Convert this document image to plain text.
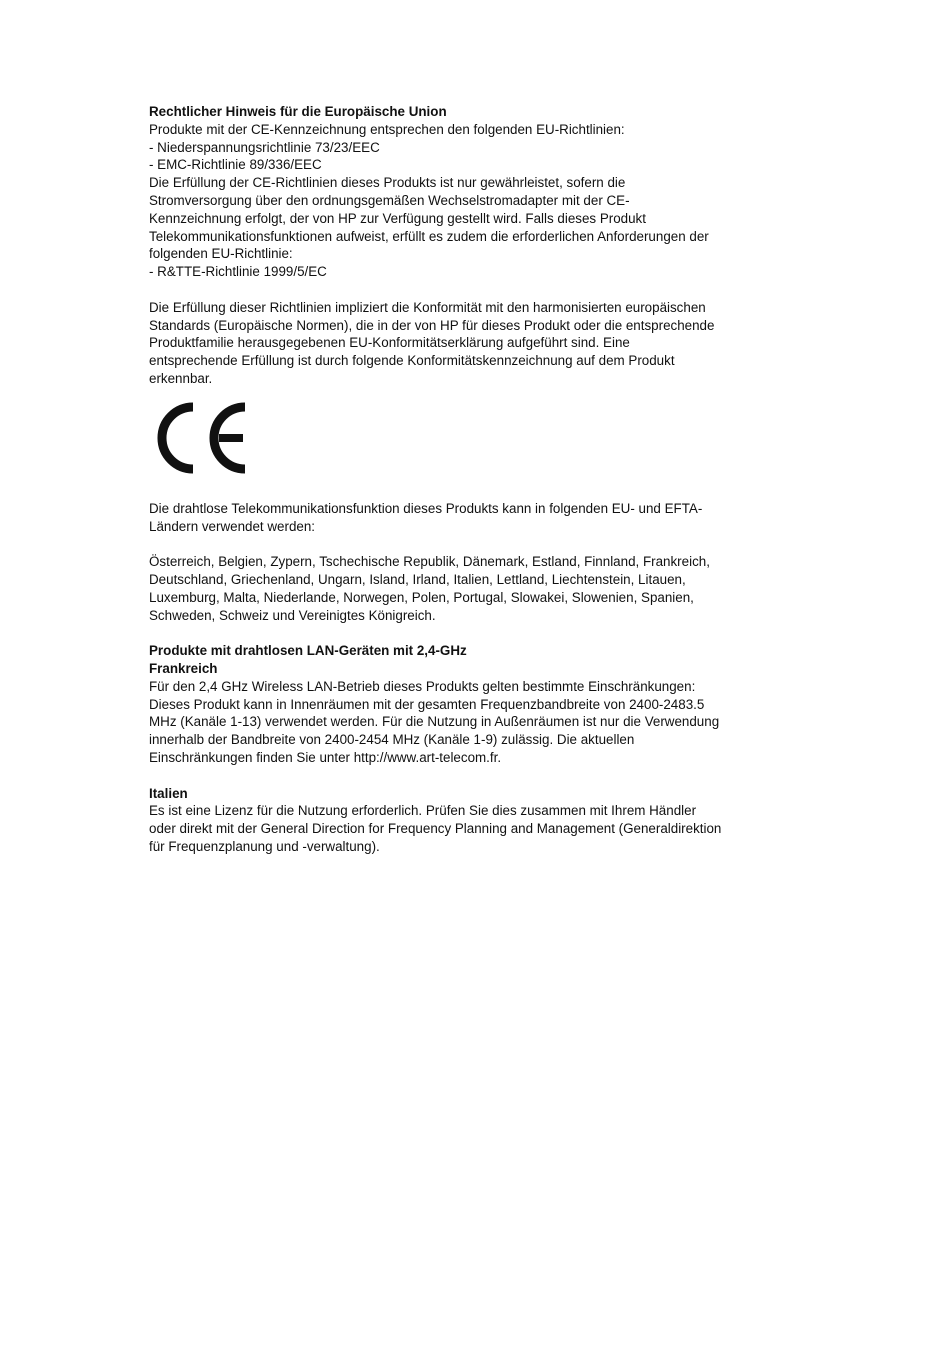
Rechtlicher Hinweis für die Europäische Union
Produkte mit der CE-Kennzeichnung entsprechen den folgenden EU-Richtlinien:
- Niederspannungsrichtlinie 73/23/EEC
- EMC-Richtlinie 89/336/EEC
Die Erfüllung der CE-Richtlinien dieses Produkts ist nur gewährleistet, sofern die
Stromversorgung über den ordnungsgemäßen Wechselstromadapter mit der CE-
Kennzeichnung erfolgt, der von HP zur Verfügung gestellt wird. Falls dieses Produkt
Telekommunikationsfunktionen aufweist, erfüllt es zudem die erforderlichen Anforderungen der
folgenden EU-Richtlinie:
- R&TTE-Richtlinie 1999/5/EC
Die Erfüllung dieser Richtlinien impliziert die Konformität mit den harmonisierten europäischen
Standards (Europäische Normen), die in der von HP für dieses Produkt oder die entsprechende
Produktfamilie herausgegebenen EU-Konformitätserklärung aufgeführt sind. Eine
entsprechende Erfüllung ist durch folgende Konformitätskennzeichnung auf dem Produkt
erkennbar.
Die drahtlose Telekommunikationsfunktion dieses Produkts kann in folgenden EU- und EFTA-
Ländern verwendet werden:
Österreich, Belgien, Zypern, Tschechische Republik, Dänemark, Estland, Finnland, Frankreich,
Deutschland, Griechenland, Ungarn, Island, Irland, Italien, Lettland, Liechtenstein, Litauen,
Luxemburg, Malta, Niederlande, Norwegen, Polen, Portugal, Slowakei, Slowenien, Spanien,
Schweden, Schweiz und Vereinigtes Königreich.
Produkte mit drahtlosen LAN-Geräten mit 2,4-GHz
Frankreich
Für den 2,4 GHz Wireless LAN-Betrieb dieses Produkts gelten bestimmte Einschränkungen:
Dieses Produkt kann in Innenräumen mit der gesamten Frequenzbandbreite von 2400-2483.5
MHz (Kanäle 1-13) verwendet werden. Für die Nutzung in Außenräumen ist nur die Verwendung
innerhalb der Bandbreite von 2400-2454 MHz (Kanäle 1-9) zulässig. Die aktuellen
Einschränkungen finden Sie unter http://www.art-telecom.fr.
Italien
Es ist eine Lizenz für die Nutzung erforderlich. Prüfen Sie dies zusammen mit Ihrem Händler
oder direkt mit der General Direction for Frequency Planning and Management (Generaldirektion
für Frequenzplanung und -verwaltung).
